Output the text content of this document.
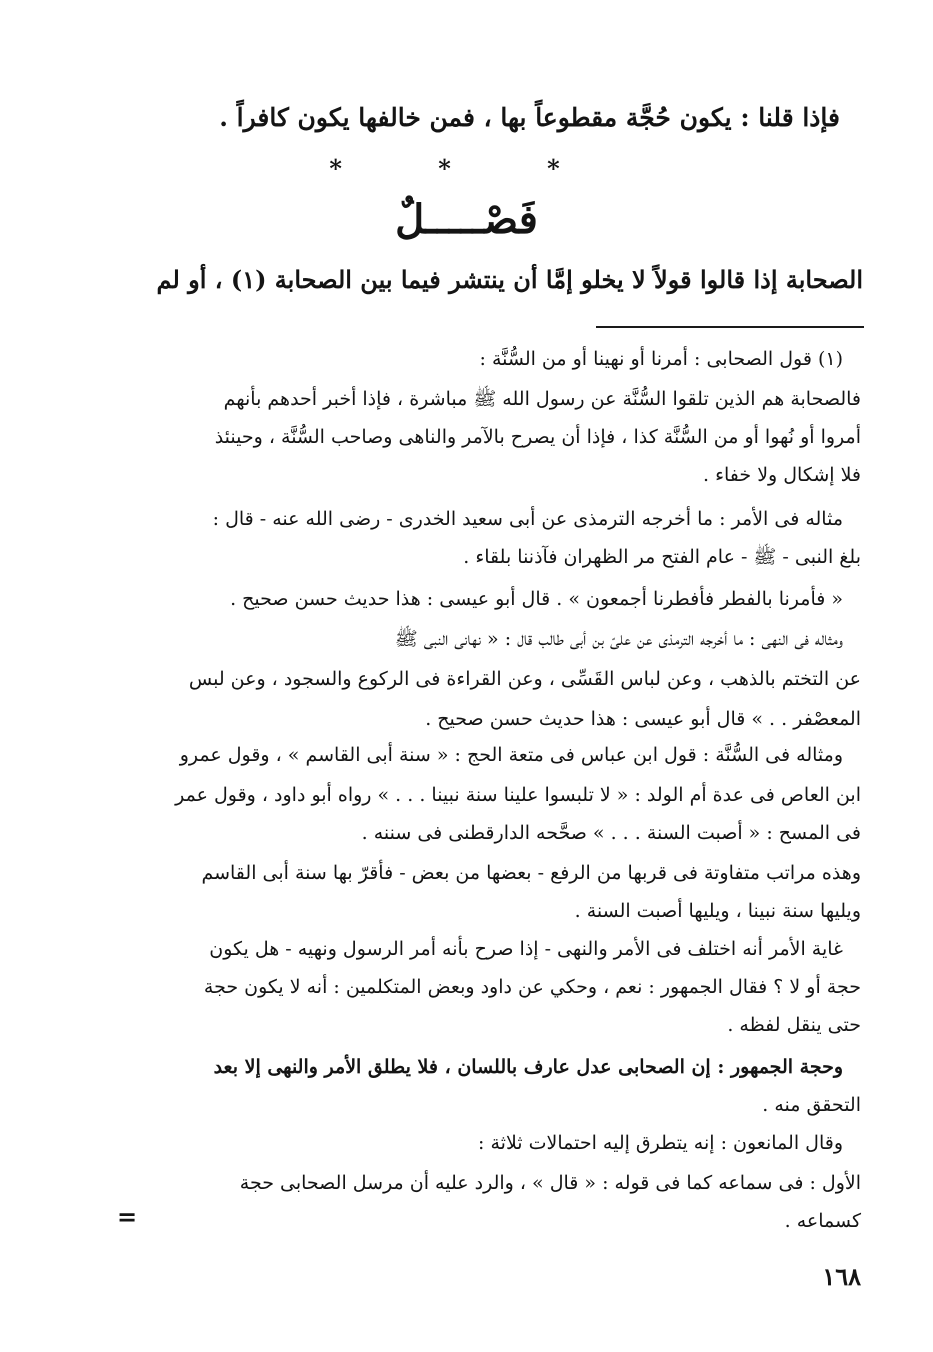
فإذا قلنا : يكون حُجَّة مقطوعاً بها ، فمن خالفها يكون كافراً .
* * *
فَصْـــــلٌ
الصحابة إذا قالوا قولاً لا يخلو إمَّا أن ينتشر فيما بين الصحابة (١) ، أو لم
(١) قول الصحابى : أمرنا أو نهينا أو من السُّنَّة :
فالصحابة هم الذين تلقوا السُّنَّة عن رسول الله ﷺ مباشرة ، فإذا أخبر أحدهم بأنهم
أمروا أو نُهوا أو من السُّنَّة كذا ، فإذا أن يصرح بالآمر والناهى وصاحب السُّنَّة ، وحينئذ
فلا إشكال ولا خفاء .
مثاله فى الأمر : ما أخرجه الترمذى عن أبى سعيد الخدرى - رضى الله عنه - قال :
بلغ النبى - ﷺ - عام الفتح مر الظهران فآذننا بلقاء .
« فأمرنا بالفطر فأفطرنا أجمعون » . قال أبو عيسى : هذا حديث حسن صحيح .
ومثاله فى النهى : ما أخرجه الترمذى عن علىّ بن أبى طالب قال : « نهانى النبى ﷺ
عن التختم بالذهب ، وعن لباس القَسِّى ، وعن القراءة فى الركوع والسجود ، وعن لبس
المعصْفر . . » قال أبو عيسى : هذا حديث حسن صحيح .
ومثاله فى السُّنَّة : قول ابن عباس فى متعة الحج : « سنة أبى القاسم » ، وقول عمرو
ابن العاص فى عدة أم الولد : « لا تلبسوا علينا سنة نبينا . . . » رواه أبو داود ، وقول عمر
فى المسح : « أصبت السنة . . . » صحَّحه الدارقطنى فى سننه .
وهذه مراتب متفاوتة فى قربها من الرفع - بعضها من بعض - فأقرّ بها سنة أبى القاسم
ويليها سنة نبينا ، ويليها أصبت السنة .
غاية الأمر أنه اختلف فى الأمر والنهى - إذا صرح بأنه أمر الرسول ونهيه - هل يكون
حجة أو لا ؟ فقال الجمهور : نعم ، وحكي عن داود وبعض المتكلمين : أنه لا يكون حجة
حتى ينقل لفظه .
وحجة الجمهور : إن الصحابى عدل عارف باللسان ، فلا يطلق الأمر والنهى إلا بعد
التحقق منه .
وقال المانعون : إنه يتطرق إليه احتمالات ثلاثة :
الأول : فى سماعه كما فى قوله : « قال » ، والرد عليه أن مرسل الصحابى حجة
كسماعه .
=
١٦٨
